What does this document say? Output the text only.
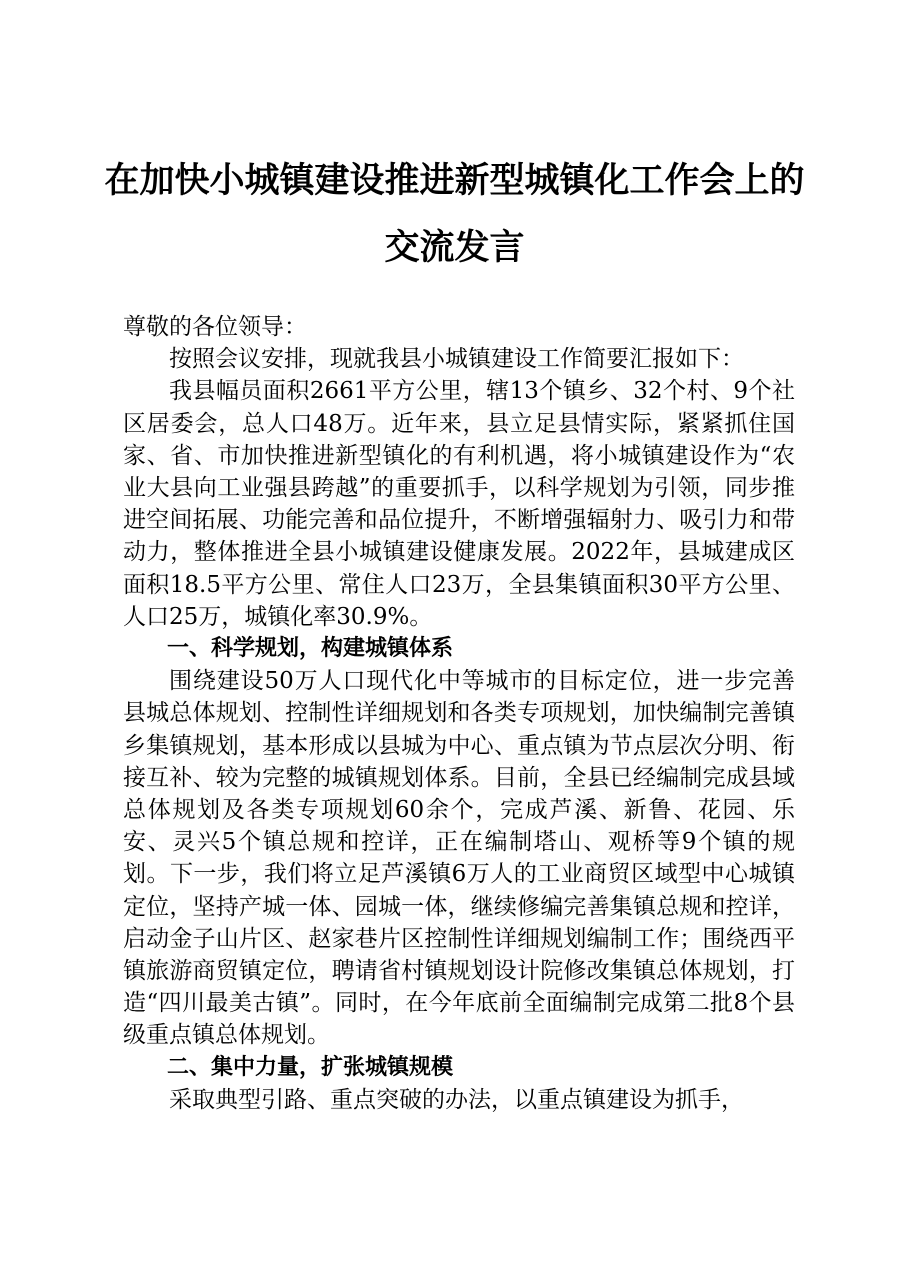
在加快小城镇建设推进新型城镇化工作会上的
交流发言

尊敬的各位领导：

按照会议安排，现就我县小城镇建设工作简要汇报如下：

我县幅员面积2661平方公里，辖13个镇乡、32个村、9个社区居委会，总人口48万。近年来，县立足县情实际，紧紧抓住国家、省、市加快推进新型镇化的有利机遇，将小城镇建设作为“农业大县向工业强县跨越”的重要抓手，以科学规划为引领，同步推进空间拓展、功能完善和品位提升，不断增强辐射力、吸引力和带动力，整体推进全县小城镇建设健康发展。2022年，县城建成区面积18.5平方公里、常住人口23万，全县集镇面积30平方公里、人口25万，城镇化率30.9%。

一、科学规划，构建城镇体系

围绕建设50万人口现代化中等城市的目标定位，进一步完善县城总体规划、控制性详细规划和各类专项规划，加快编制完善镇乡集镇规划，基本形成以县城为中心、重点镇为节点层次分明、衔接互补、较为完整的城镇规划体系。目前，全县已经编制完成县域总体规划及各类专项规划60余个，完成芦溪、新鲁、花园、乐安、灵兴5个镇总规和控详，正在编制塔山、观桥等9个镇的规划。下一步，我们将立足芦溪镇6万人的工业商贸区域型中心城镇定位，坚持产城一体、园城一体，继续修编完善集镇总规和控详，启动金子山片区、赵家巷片区控制性详细规划编制工作；围绕西平镇旅游商贸镇定位，聘请省村镇规划设计院修改集镇总体规划，打造“四川最美古镇”。同时，在今年底前全面编制完成第二批8个县级重点镇总体规划。

二、集中力量，扩张城镇规模

采取典型引路、重点突破的办法，以重点镇建设为抓手，
